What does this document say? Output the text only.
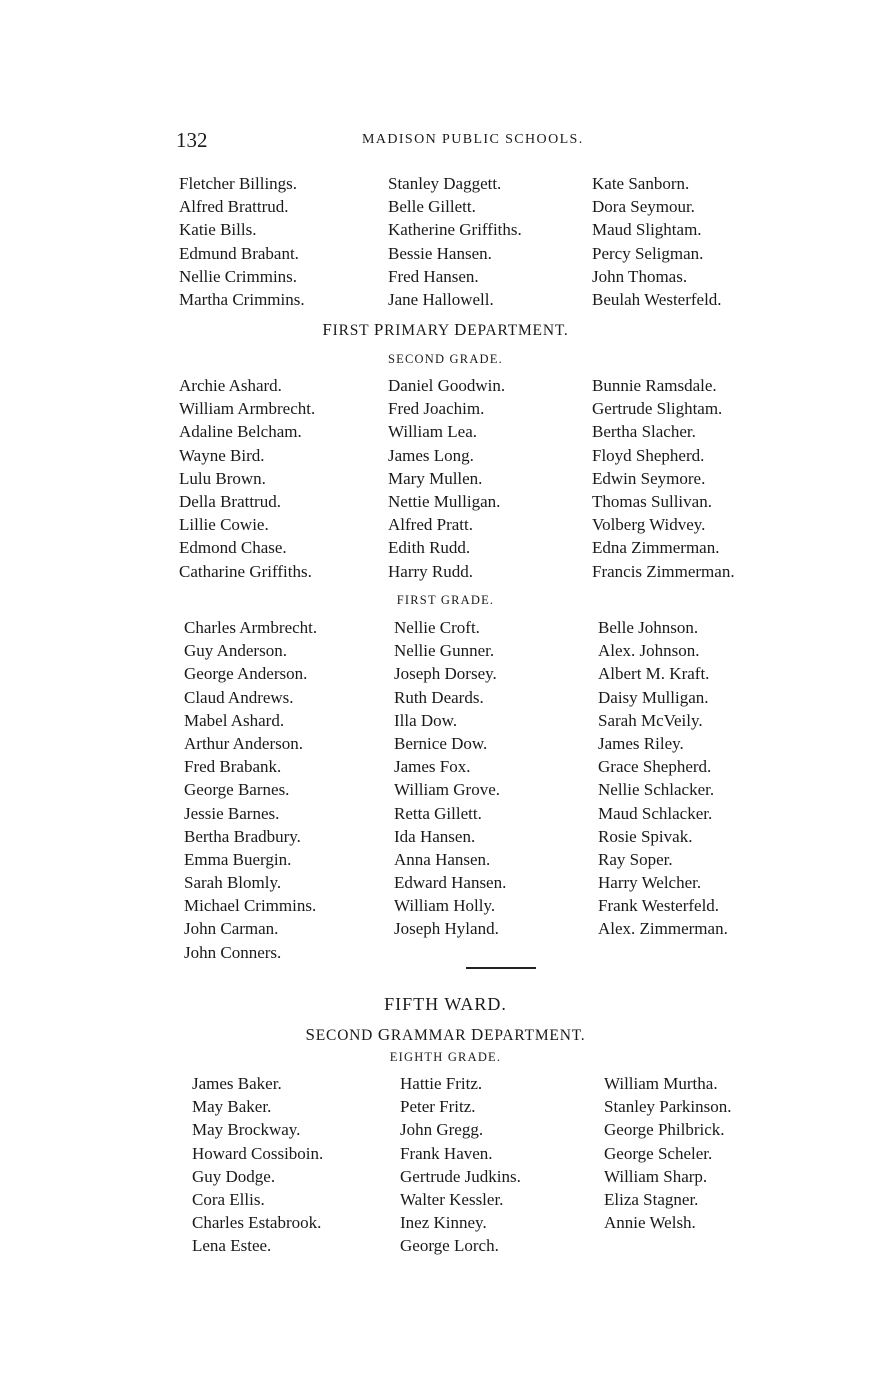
132	MADISON PUBLIC SCHOOLS.
Fletcher Billings.
Alfred Brattrud.
Katie Bills.
Edmund Brabant.
Nellie Crimmins.
Martha Crimmins.
Stanley Daggett.
Belle Gillett.
Katherine Griffiths.
Bessie Hansen.
Fred Hansen.
Jane Hallowell.
Kate Sanborn.
Dora Seymour.
Maud Slightam.
Percy Seligman.
John Thomas.
Beulah Westerfeld.
FIRST PRIMARY DEPARTMENT.
SECOND GRADE.
Archie Ashard.
William Armbrecht.
Adaline Belcham.
Wayne Bird.
Lulu Brown.
Della Brattrud.
Lillie Cowie.
Edmond Chase.
Catharine Griffiths.
Daniel Goodwin.
Fred Joachim.
William Lea.
James Long.
Mary Mullen.
Nettie Mulligan.
Alfred Pratt.
Edith Rudd.
Harry Rudd.
Bunnie Ramsdale.
Gertrude Slightam.
Bertha Slacher.
Floyd Shepherd.
Edwin Seymore.
Thomas Sullivan.
Volberg Widvey.
Edna Zimmerman.
Francis Zimmerman.
FIRST GRADE.
Charles Armbrecht.
Guy Anderson.
George Anderson.
Claud Andrews.
Mabel Ashard.
Arthur Anderson.
Fred Brabank.
George Barnes.
Jessie Barnes.
Bertha Bradbury.
Emma Buergin.
Sarah Blomly.
Michael Crimmins.
John Carman.
John Conners.
Nellie Croft.
Nellie Gunner.
Joseph Dorsey.
Ruth Deards.
Illa Dow.
Bernice Dow.
James Fox.
William Grove.
Retta Gillett.
Ida Hansen.
Anna Hansen.
Edward Hansen.
William Holly.
Joseph Hyland.
Belle Johnson.
Alex. Johnson.
Albert M. Kraft.
Daisy Mulligan.
Sarah McVeily.
James Riley.
Grace Shepherd.
Nellie Schlacker.
Maud Schlacker.
Rosie Spivak.
Ray Soper.
Harry Welcher.
Frank Westerfeld.
Alex. Zimmerman.
FIFTH WARD.
SECOND GRAMMAR DEPARTMENT.
EIGHTH GRADE.
James Baker.
May Baker.
May Brockway.
Howard Cossiboin.
Guy Dodge.
Cora Ellis.
Charles Estabrook.
Lena Estee.
Hattie Fritz.
Peter Fritz.
John Gregg.
Frank Haven.
Gertrude Judkins.
Walter Kessler.
Inez Kinney.
George Lorch.
William Murtha.
Stanley Parkinson.
George Philbrick.
George Scheler.
William Sharp.
Eliza Stagner.
Annie Welsh.
